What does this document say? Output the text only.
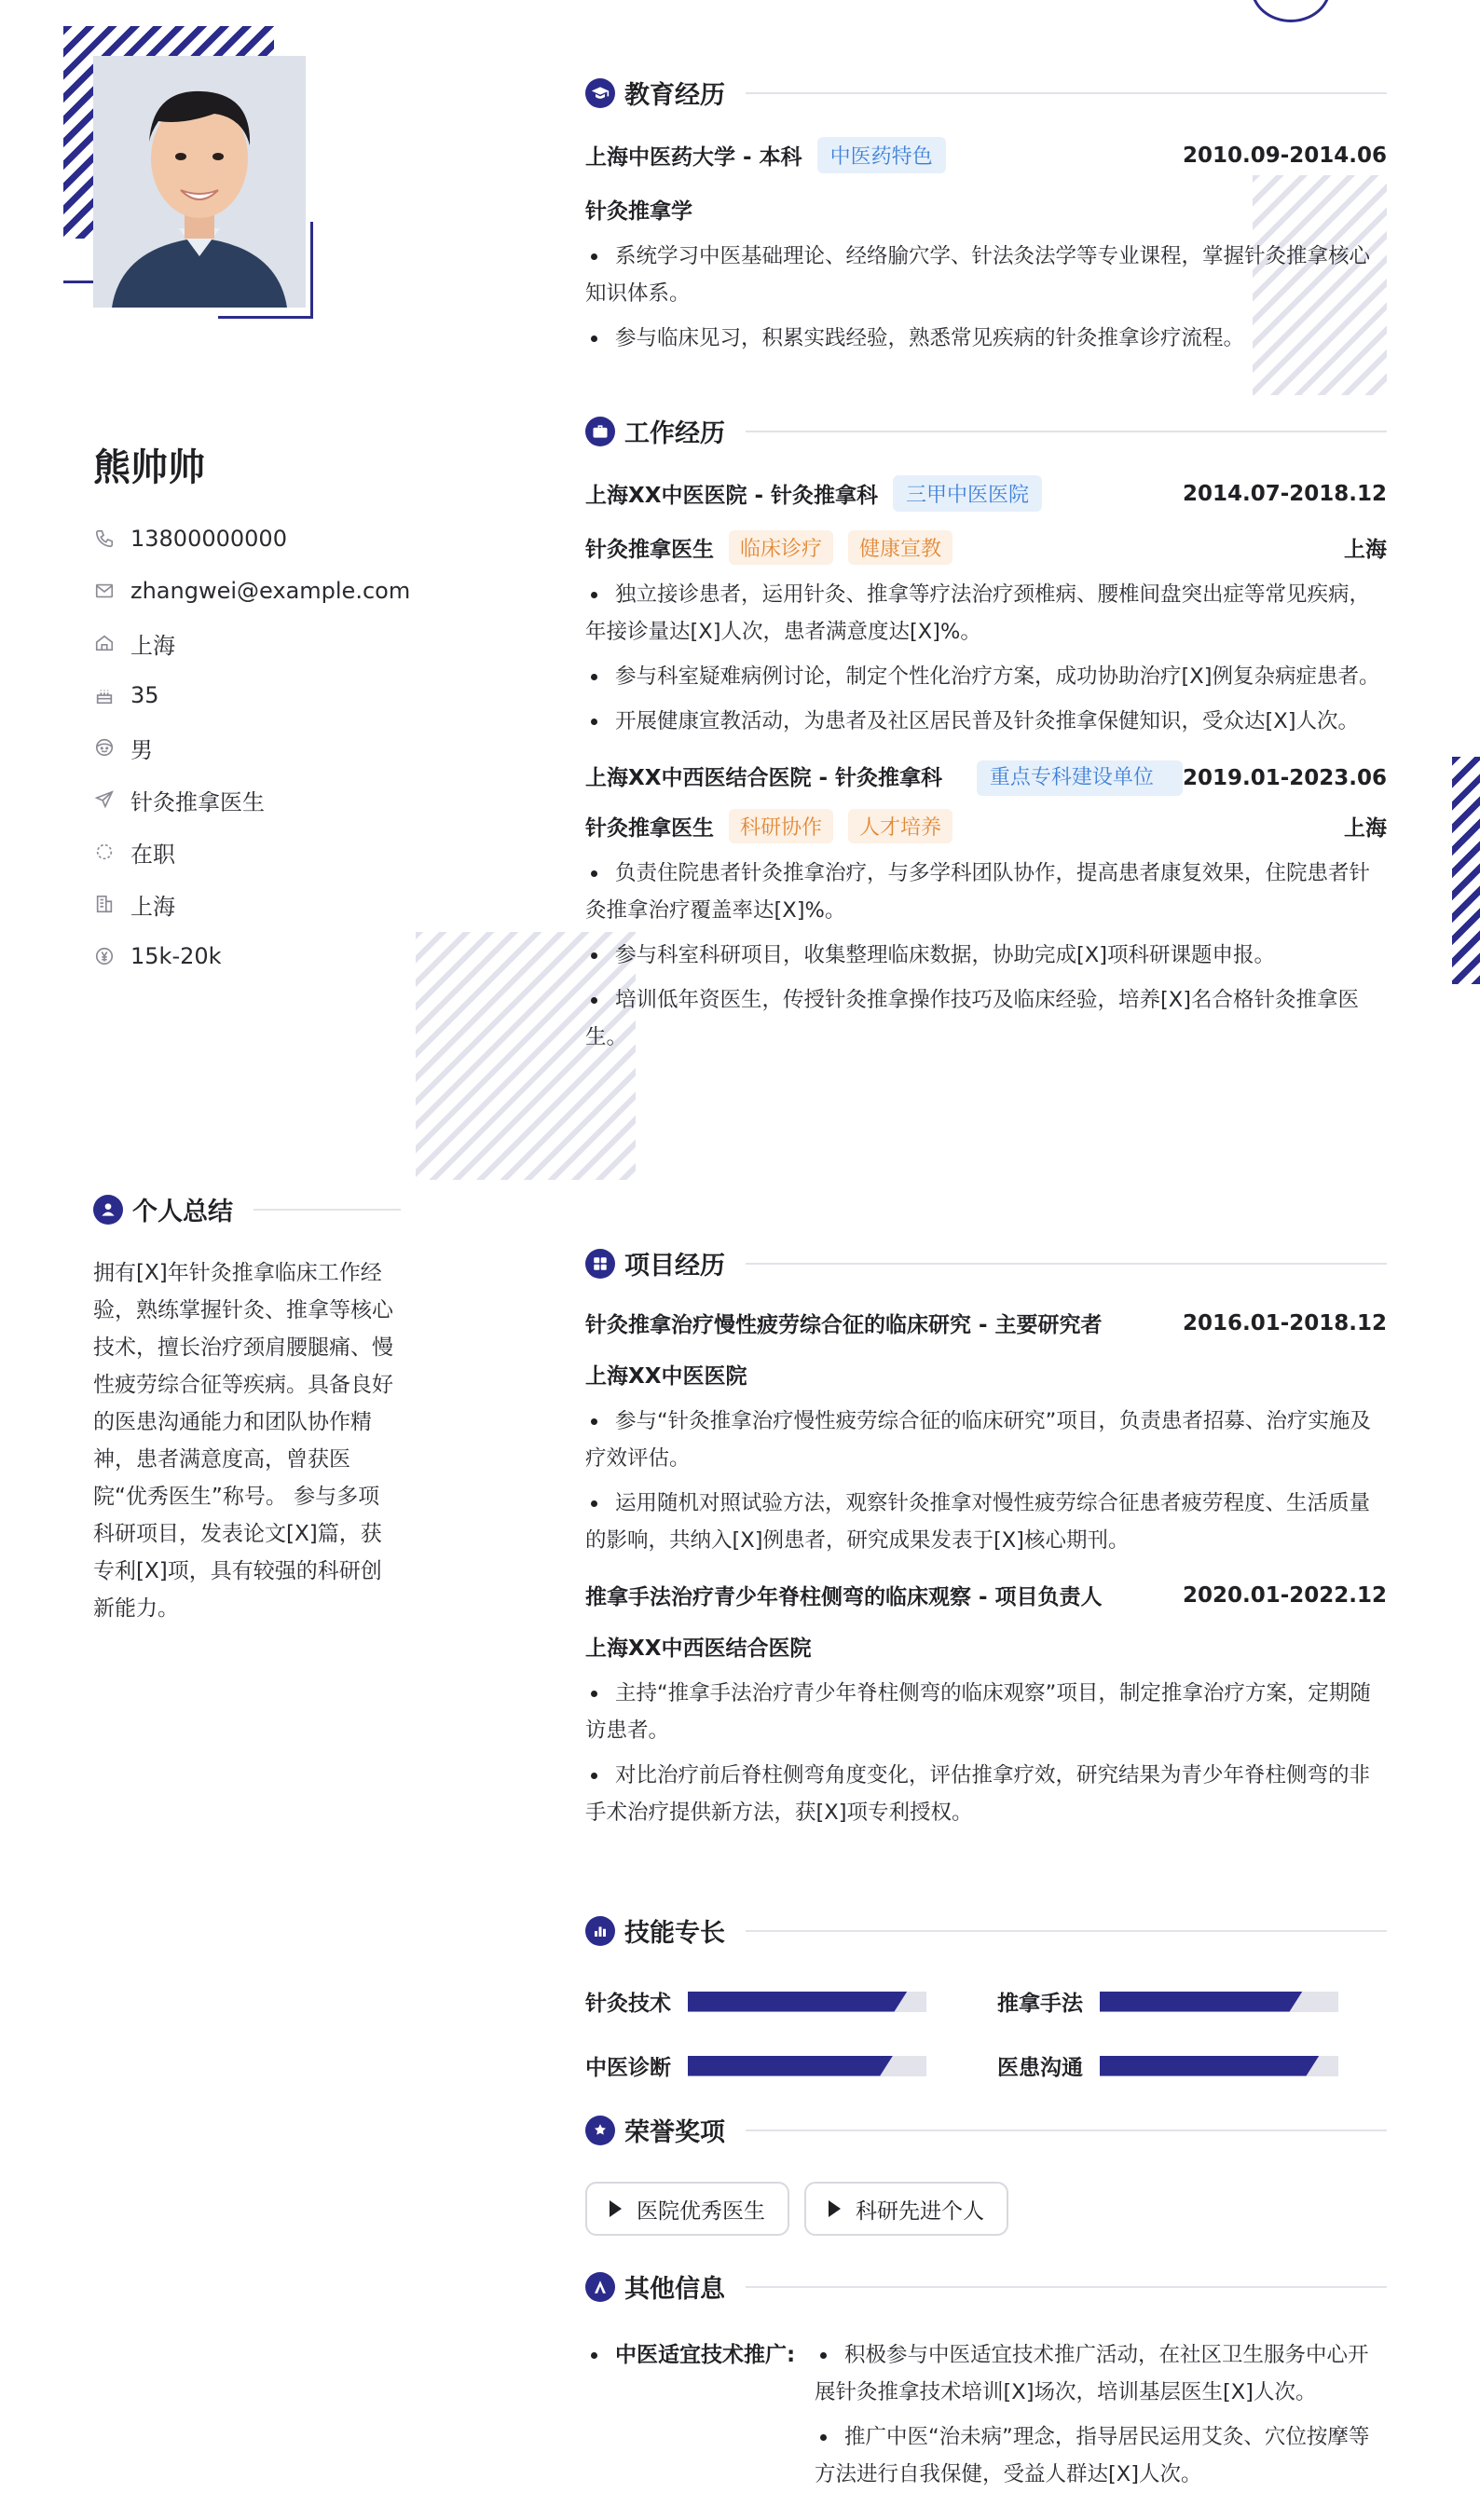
熊帅帅
13800000000
zhangwei@example.com
上海
35
男
针灸推拿医生
在职
上海
15k-20k
个人总结
拥有[X]年针灸推拿临床工作经验，熟练掌握针灸、推拿等核心技术，擅长治疗颈肩腰腿痛、慢性疲劳综合征等疾病。具备良好的医患沟通能力和团队协作精神，患者满意度高，曾获医院“优秀医生”称号。 参与多项科研项目，发表论文[X]篇，获专利[X]项，具有较强的科研创新能力。
教育经历
上海中医药大学 - 本科	中医药特色	2010.09-2014.06
针灸推拿学
系统学习中医基础理论、经络腧穴学、针法灸法学等专业课程，掌握针灸推拿核心知识体系。
参与临床见习，积累实践经验，熟悉常见疾病的针灸推拿诊疗流程。
工作经历
上海XX中医医院 - 针灸推拿科	三甲中医医院	2014.07-2018.12
针灸推拿医生	临床诊疗	健康宣教	上海
独立接诊患者，运用针灸、推拿等疗法治疗颈椎病、腰椎间盘突出症等常见疾病，年接诊量达[X]人次，患者满意度达[X]%。
参与科室疑难病例讨论，制定个性化治疗方案，成功协助治疗[X]例复杂病症患者。
开展健康宣教活动，为患者及社区居民普及针灸推拿保健知识，受众达[X]人次。
上海XX中西医结合医院 - 针灸推拿科	重点专科建设单位	2019.01-2023.06
针灸推拿医生	科研协作	人才培养	上海
负责住院患者针灸推拿治疗，与多学科团队协作，提高患者康复效果，住院患者针灸推拿治疗覆盖率达[X]%。
参与科室科研项目，收集整理临床数据，协助完成[X]项科研课题申报。
培训低年资医生，传授针灸推拿操作技巧及临床经验，培养[X]名合格针灸推拿医生。
项目经历
针灸推拿治疗慢性疲劳综合征的临床研究 - 主要研究者	2016.01-2018.12
上海XX中医医院
参与“针灸推拿治疗慢性疲劳综合征的临床研究”项目，负责患者招募、治疗实施及疗效评估。
运用随机对照试验方法，观察针灸推拿对慢性疲劳综合征患者疲劳程度、生活质量的影响，共纳入[X]例患者，研究成果发表于[X]核心期刊。
推拿手法治疗青少年脊柱侧弯的临床观察 - 项目负责人	2020.01-2022.12
上海XX中西医结合医院
主持“推拿手法治疗青少年脊柱侧弯的临床观察”项目，制定推拿治疗方案，定期随访患者。
对比治疗前后脊柱侧弯角度变化，评估推拿疗效，研究结果为青少年脊柱侧弯的非手术治疗提供新方法，获[X]项专利授权。
技能专长
针灸技术	推拿手法
中医诊断	医患沟通
荣誉奖项
医院优秀医生	科研先进个人
其他信息
中医适宜技术推广:	积极参与中医适宜技术推广活动，在社区卫生服务中心开展针灸推拿技术培训[X]场次，培训基层医生[X]人次。
推广中医“治未病”理念，指导居民运用艾灸、穴位按摩等方法进行自我保健，受益人群达[X]人次。
